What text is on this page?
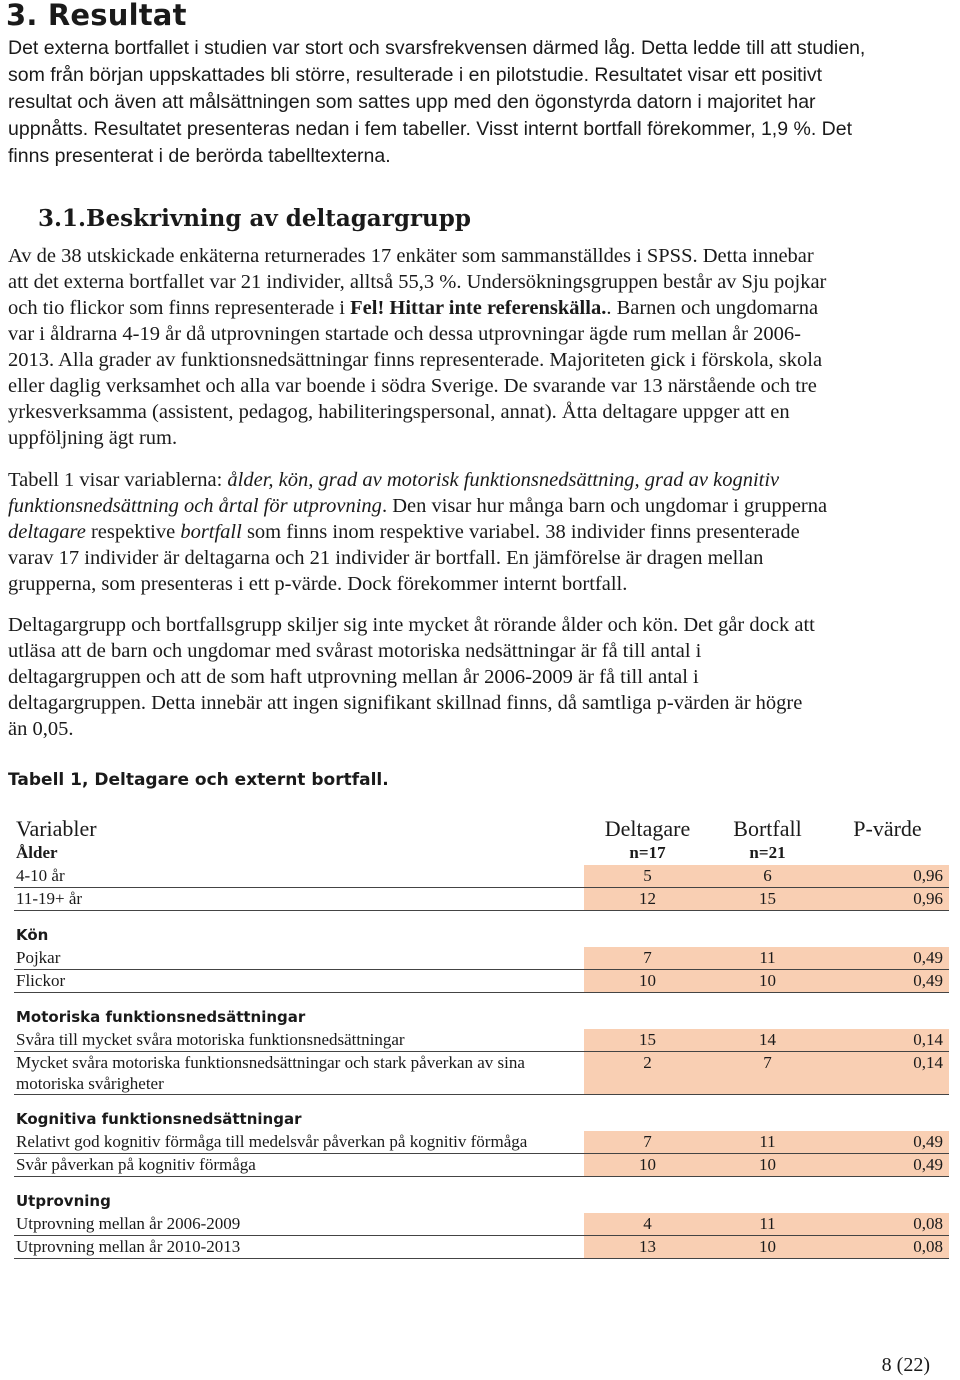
3. Resultat
Det externa bortfallet i studien var stort och svarsfrekvensen därmed låg. Detta ledde till att studien,
som från början uppskattades bli större, resulterade i en pilotstudie. Resultatet visar ett positivt
resultat och även att målsättningen som sattes upp med den ögonstyrda datorn i majoritet har
uppnåtts. Resultatet presenteras nedan i fem tabeller. Visst internt bortfall förekommer, 1,9 %. Det
finns presenterat i de berörda tabelltexterna.
3.1.Beskrivning av deltagargrupp
Av de 38 utskickade enkäterna returnerades 17 enkäter som sammanställdes i SPSS. Detta innebar
att det externa bortfallet var 21 individer, alltså 55,3 %. Undersökningsgruppen består av Sju pojkar
och tio flickor som finns representerade i Fel! Hittar inte referenskälla.. Barnen och ungdomarna
var i åldrarna 4-19 år då utprovningen startade och dessa utprovningar ägde rum mellan år 2006-
2013. Alla grader av funktionsnedsättningar finns representerade. Majoriteten gick i förskola, skola
eller daglig verksamhet och alla var boende i södra Sverige. De svarande var 13 närstående och tre
yrkesverksamma (assistent, pedagog, habiliteringspersonal, annat). Åtta deltagare uppger att en
uppföljning ägt rum.
Tabell 1 visar variablerna: ålder, kön, grad av motorisk funktionsnedsättning, grad av kognitiv
funktionsnedsättning och årtal för utprovning. Den visar hur många barn och ungdomar i grupperna
deltagare respektive bortfall som finns inom respektive variabel. 38 individer finns presenterade
varav 17 individer är deltagarna och 21 individer är bortfall. En jämförelse är dragen mellan
grupperna, som presenteras i ett p-värde. Dock förekommer internt bortfall.
Deltagargrupp och bortfallsgrupp skiljer sig inte mycket åt rörande ålder och kön. Det går dock att
utläsa att de barn och ungdomar med svårast motoriska nedsättningar är få till antal i
deltagargruppen och att de som haft utprovning mellan år 2006-2009 är få till antal i
deltagargruppen. Detta innebär att ingen signifikant skillnad finns, då samtliga p-värden är högre
än 0,05.
Tabell 1, Deltagare och externt bortfall.
Variabler	Deltagare	Bortfall	P-värde
Ålder	n=17	n=21	
4-10 år	5	6	0,96
11-19+ år	12	15	0,96

Kön			
Pojkar	7	11	0,49
Flickor	10	10	0,49

Motoriska funktionsnedsättningar			
Svåra till mycket svåra motoriska funktionsnedsättningar	15	14	0,14
Mycket svåra motoriska funktionsnedsättningar och stark påverkan av sina motoriska svårigheter	2	7	0,14

Kognitiva funktionsnedsättningar			
Relativt god kognitiv förmåga till medelsvår påverkan på kognitiv förmåga	7	11	0,49
Svår påverkan på kognitiv förmåga	10	10	0,49

Utprovning			
Utprovning mellan år 2006-2009	4	11	0,08
Utprovning mellan år 2010-2013	13	10	0,08
8 (22)
